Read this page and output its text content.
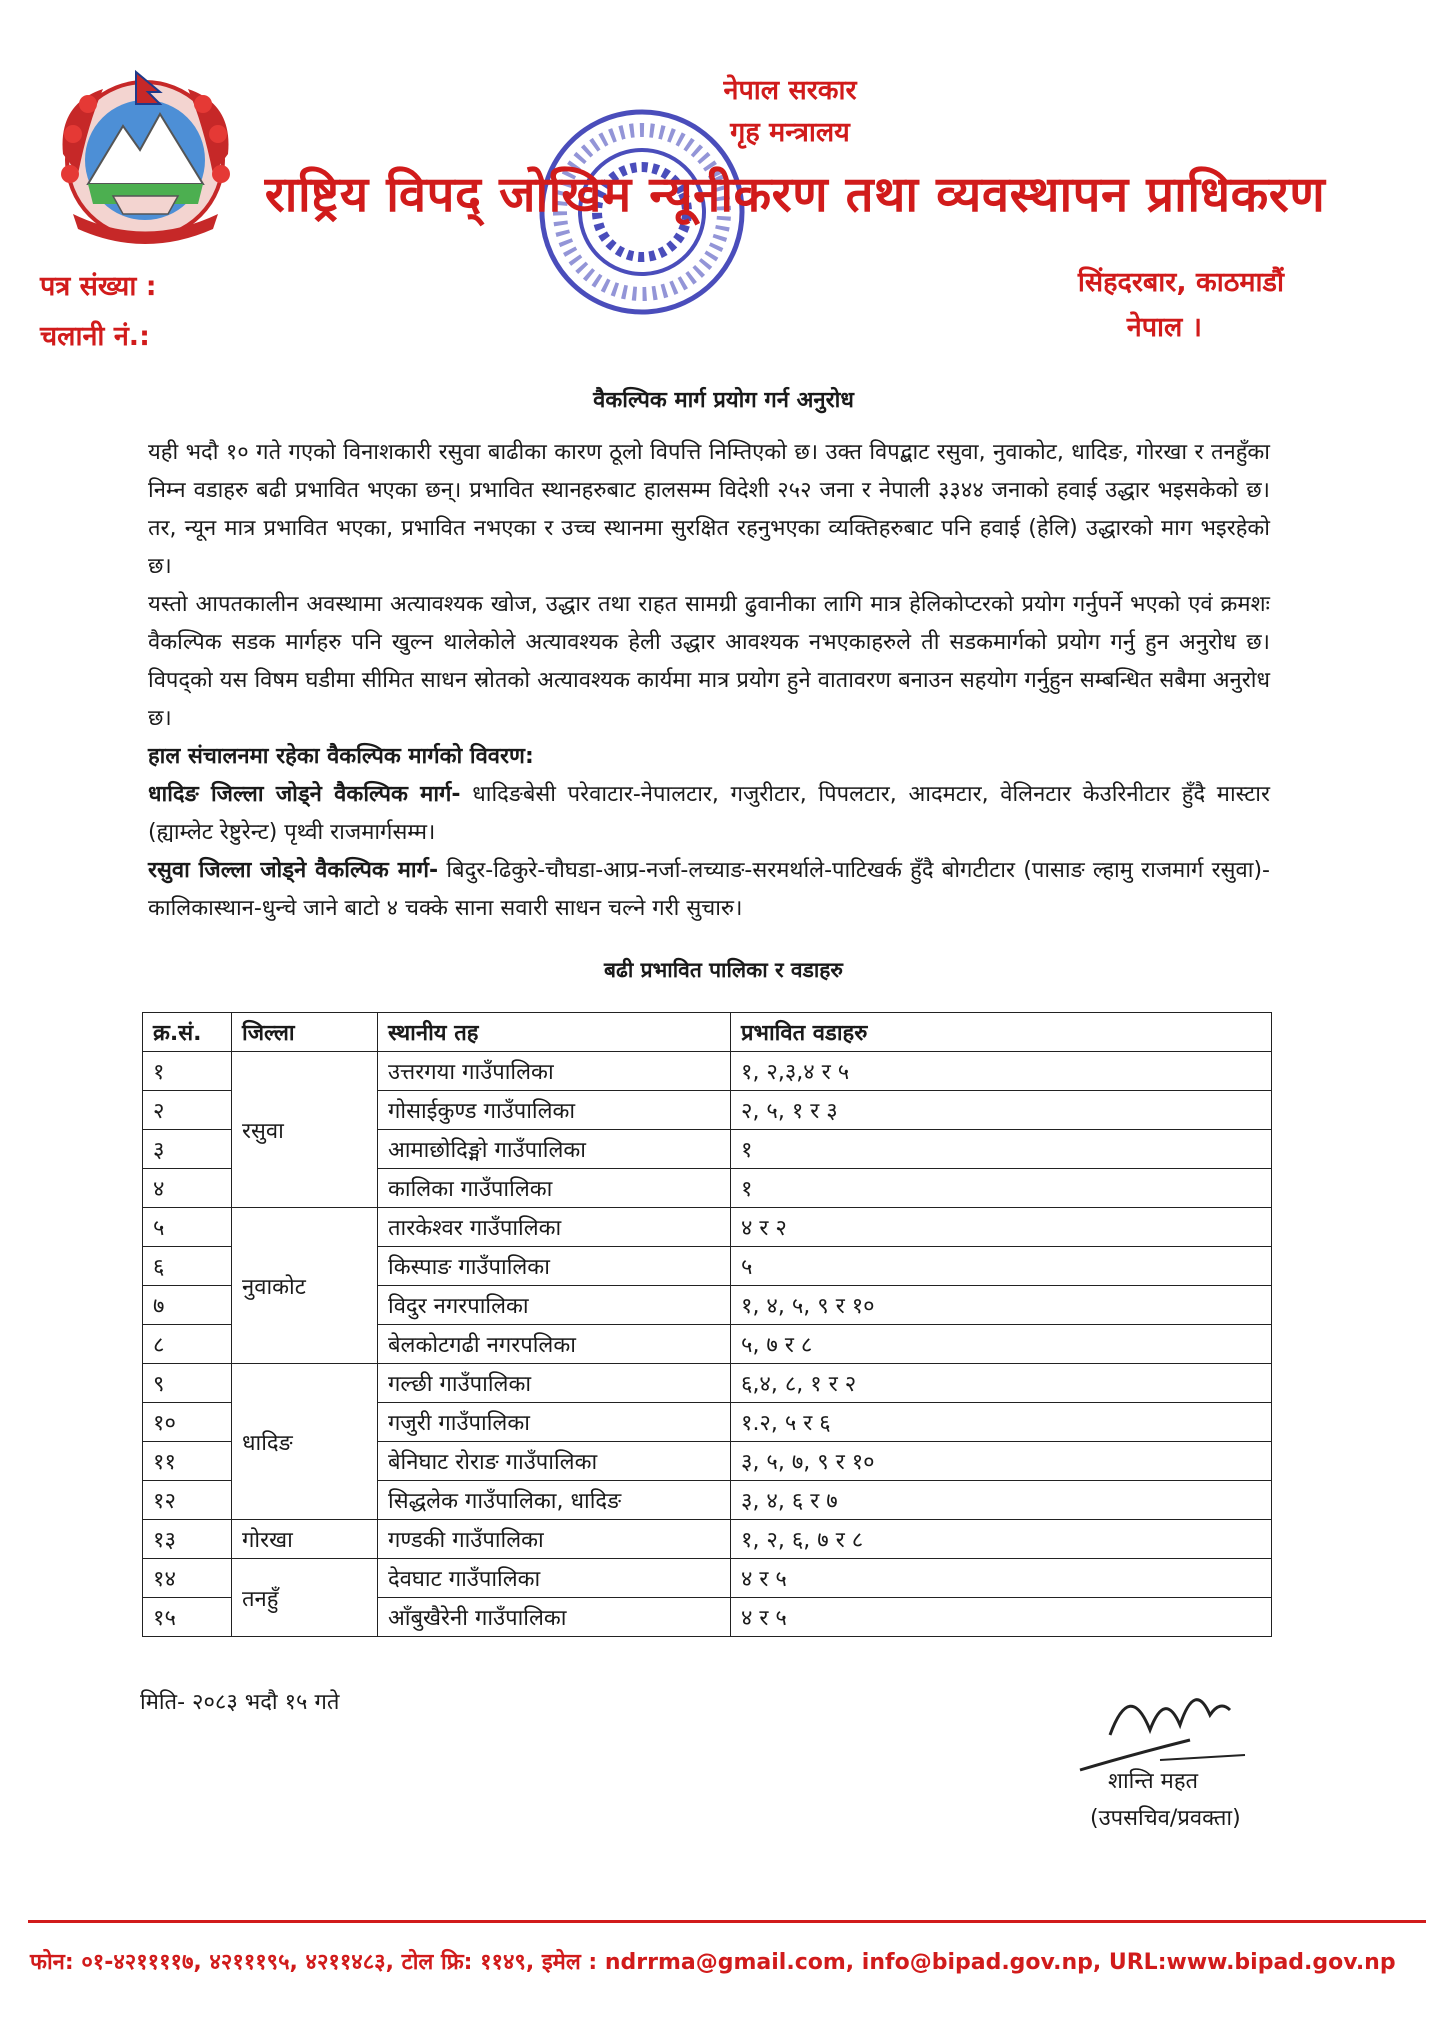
नेपाल सरकार
गृह मन्त्रालय
राष्ट्रिय विपद् जोखिम न्यूनीकरण तथा व्यवस्थापन प्राधिकरण
पत्र संख्या :
चलानी नं.:
सिंहदरबार, काठमाडौं
नेपाल ।
वैकल्पिक मार्ग प्रयोग गर्न अनुरोध

यही भदौ १० गते गएको विनाशकारी रसुवा बाढीका कारण ठूलो विपत्ति निम्तिएको छ। उक्त विपद्बाट रसुवा, नुवाकोट, धादिङ, गोरखा र तनहुँका निम्न वडाहरु बढी प्रभावित भएका छन्। प्रभावित स्थानहरुबाट हालसम्म विदेशी २५२ जना र नेपाली ३३४४ जनाको हवाई उद्धार भइसकेको छ। तर, न्यून मात्र प्रभावित भएका, प्रभावित नभएका र उच्च स्थानमा सुरक्षित रहनुभएका व्यक्तिहरुबाट पनि हवाई (हेलि) उद्धारको माग भइरहेको छ।

यस्तो आपतकालीन अवस्थामा अत्यावश्यक खोज, उद्धार तथा राहत सामग्री ढुवानीका लागि मात्र हेलिकोप्टरको प्रयोग गर्नुपर्ने भएको एवं क्रमशः वैकल्पिक सडक मार्गहरु पनि खुल्न थालेकोले अत्यावश्यक हेली उद्धार आवश्यक नभएकाहरुले ती सडकमार्गको प्रयोग गर्नु हुन अनुरोध छ। विपद्को यस विषम घडीमा सीमित साधन स्रोतको अत्यावश्यक कार्यमा मात्र प्रयोग हुने वातावरण बनाउन सहयोग गर्नुहुन सम्बन्धित सबैमा अनुरोध छ।

हाल संचालनमा रहेका वैकल्पिक मार्गको विवरण:

धादिङ जिल्ला जोड्ने वैकल्पिक मार्ग- धादिङबेसी परेवाटार-नेपालटार, गजुरीटार, पिपलटार, आदमटार, वेलिनटार केउरिनीटार हुँदै मास्टार (ह्याम्लेट रेष्टुरेन्ट) पृथ्वी राजमार्गसम्म।

रसुवा जिल्ला जोड्ने वैकल्पिक मार्ग- बिदुर-ढिकुरे-चौघडा-आप्र-नर्जा-लच्याङ-सरमर्थाले-पाटिखर्क हुँदै बोगटीटार (पासाङ ल्हामु राजमार्ग रसुवा)-कालिकास्थान-धुन्चे जाने बाटो ४ चक्के साना सवारी साधन चल्ने गरी सुचारु।

बढी प्रभावित पालिका र वडाहरु
क्र.सं.	जिल्ला	स्थानीय तह	प्रभावित वडाहरु
१	रसुवा	उत्तरगया गाउँपालिका	१, २,३,४ र ५
२		गोसाईकुण्ड गाउँपालिका	२, ५, १ र ३
३		आमाछोदिङ्मो गाउँपालिका	१
४		कालिका गाउँपालिका	१
५	नुवाकोट	तारकेश्वर गाउँपालिका	४ र २
६		किस्पाङ गाउँपालिका	५
७		विदुर नगरपालिका	१, ४, ५, ९ र १०
८		बेलकोटगढी नगरपलिका	५, ७ र ८
९	धादिङ	गल्छी गाउँपालिका	६,४, ८, १ र २
१०		गजुरी गाउँपालिका	१.२, ५ र ६
११		बेनिघाट रोराङ गाउँपालिका	३, ५, ७, ९ र १०
१२		सिद्धलेक गाउँपालिका, धादिङ	३, ४, ६ र ७
१३	गोरखा	गण्डकी गाउँपालिका	१, २, ६, ७ र ८
१४	तनहुँ	देवघाट गाउँपालिका	४ र ५
१५		आँबुखैरेनी गाउँपालिका	४ र ५
मिति- २०८३ भदौ १५ गते
शान्ति महत
(उपसचिव/प्रवक्ता)
फोन: ०१-४२११११७, ४२१११९५, ४२११४८३, टोल फ्रि: ११४९, इमेल : ndrrma@gmail.com, info@bipad.gov.np, URL:www.bipad.gov.np
